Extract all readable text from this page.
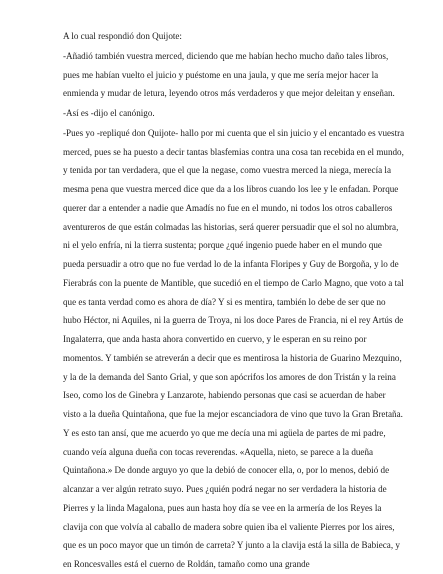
A lo cual respondió don Quijote:

-Añadió también vuestra merced, diciendo que me habían hecho mucho daño tales libros, pues me habían vuelto el juicio y puéstome en una jaula, y que me sería mejor hacer la enmienda y mudar de letura, leyendo otros más verdaderos y que mejor deleitan y enseñan.

-Así es -dijo el canónigo.

-Pues yo -repliqué don Quijote- hallo por mi cuenta que el sin juicio y el encantado es vuestra merced, pues se ha puesto a decir tantas blasfemias contra una cosa tan recebida en el mundo, y tenida por tan verdadera, que el que la negase, como vuestra merced la niega, merecía la mesma pena que vuestra merced dice que da a los libros cuando los lee y le enfadan. Porque querer dar a entender a nadie que Amadís no fue en el mundo, ni todos los otros caballeros aventureros de que están colmadas las historias, será querer persuadir que el sol no alumbra, ni el yelo enfría, ni la tierra sustenta; porque ¿qué ingenio puede haber en el mundo que pueda persuadir a otro que no fue verdad lo de la infanta Floripes y Guy de Borgoña, y lo de Fierabrás con la puente de Mantible, que sucedió en el tiempo de Carlo Magno, que voto a tal que es tanta verdad como es ahora de día? Y si es mentira, también lo debe de ser que no hubo Héctor, ni Aquiles, ni la guerra de Troya, ni los doce Pares de Francia, ni el rey Artús de Ingalaterra, que anda hasta ahora convertido en cuervo, y le esperan en su reino por momentos. Y también se atreverán a decir que es mentirosa la historia de Guarino Mezquino, y la de la demanda del Santo Grial, y que son apócrifos los amores de don Tristán y la reina Iseo, como los de Ginebra y Lanzarote, habiendo personas que casi se acuerdan de haber visto a la dueña Quintañona, que fue la mejor escanciadora de vino que tuvo la Gran Bretaña. Y es esto tan ansí, que me acuerdo yo que me decía una mi agüela de partes de mi padre, cuando veía alguna dueña con tocas reverendas. «Aquella, nieto, se parece a la dueña Quintañona.» De donde arguyo yo que la debió de conocer ella, o, por lo menos, debió de alcanzar a ver algún retrato suyo. Pues ¿quién podrá negar no ser verdadera la historia de Pierres y la linda Magalona, pues aun hasta hoy día se vee en la armería de los Reyes la clavija con que volvía al caballo de madera sobre quien iba el valiente Pierres por los aires, que es un poco mayor que un timón de carreta? Y junto a la clavija está la silla de Babieca, y en Roncesvalles está el cuerno de Roldán, tamaño como una grande
